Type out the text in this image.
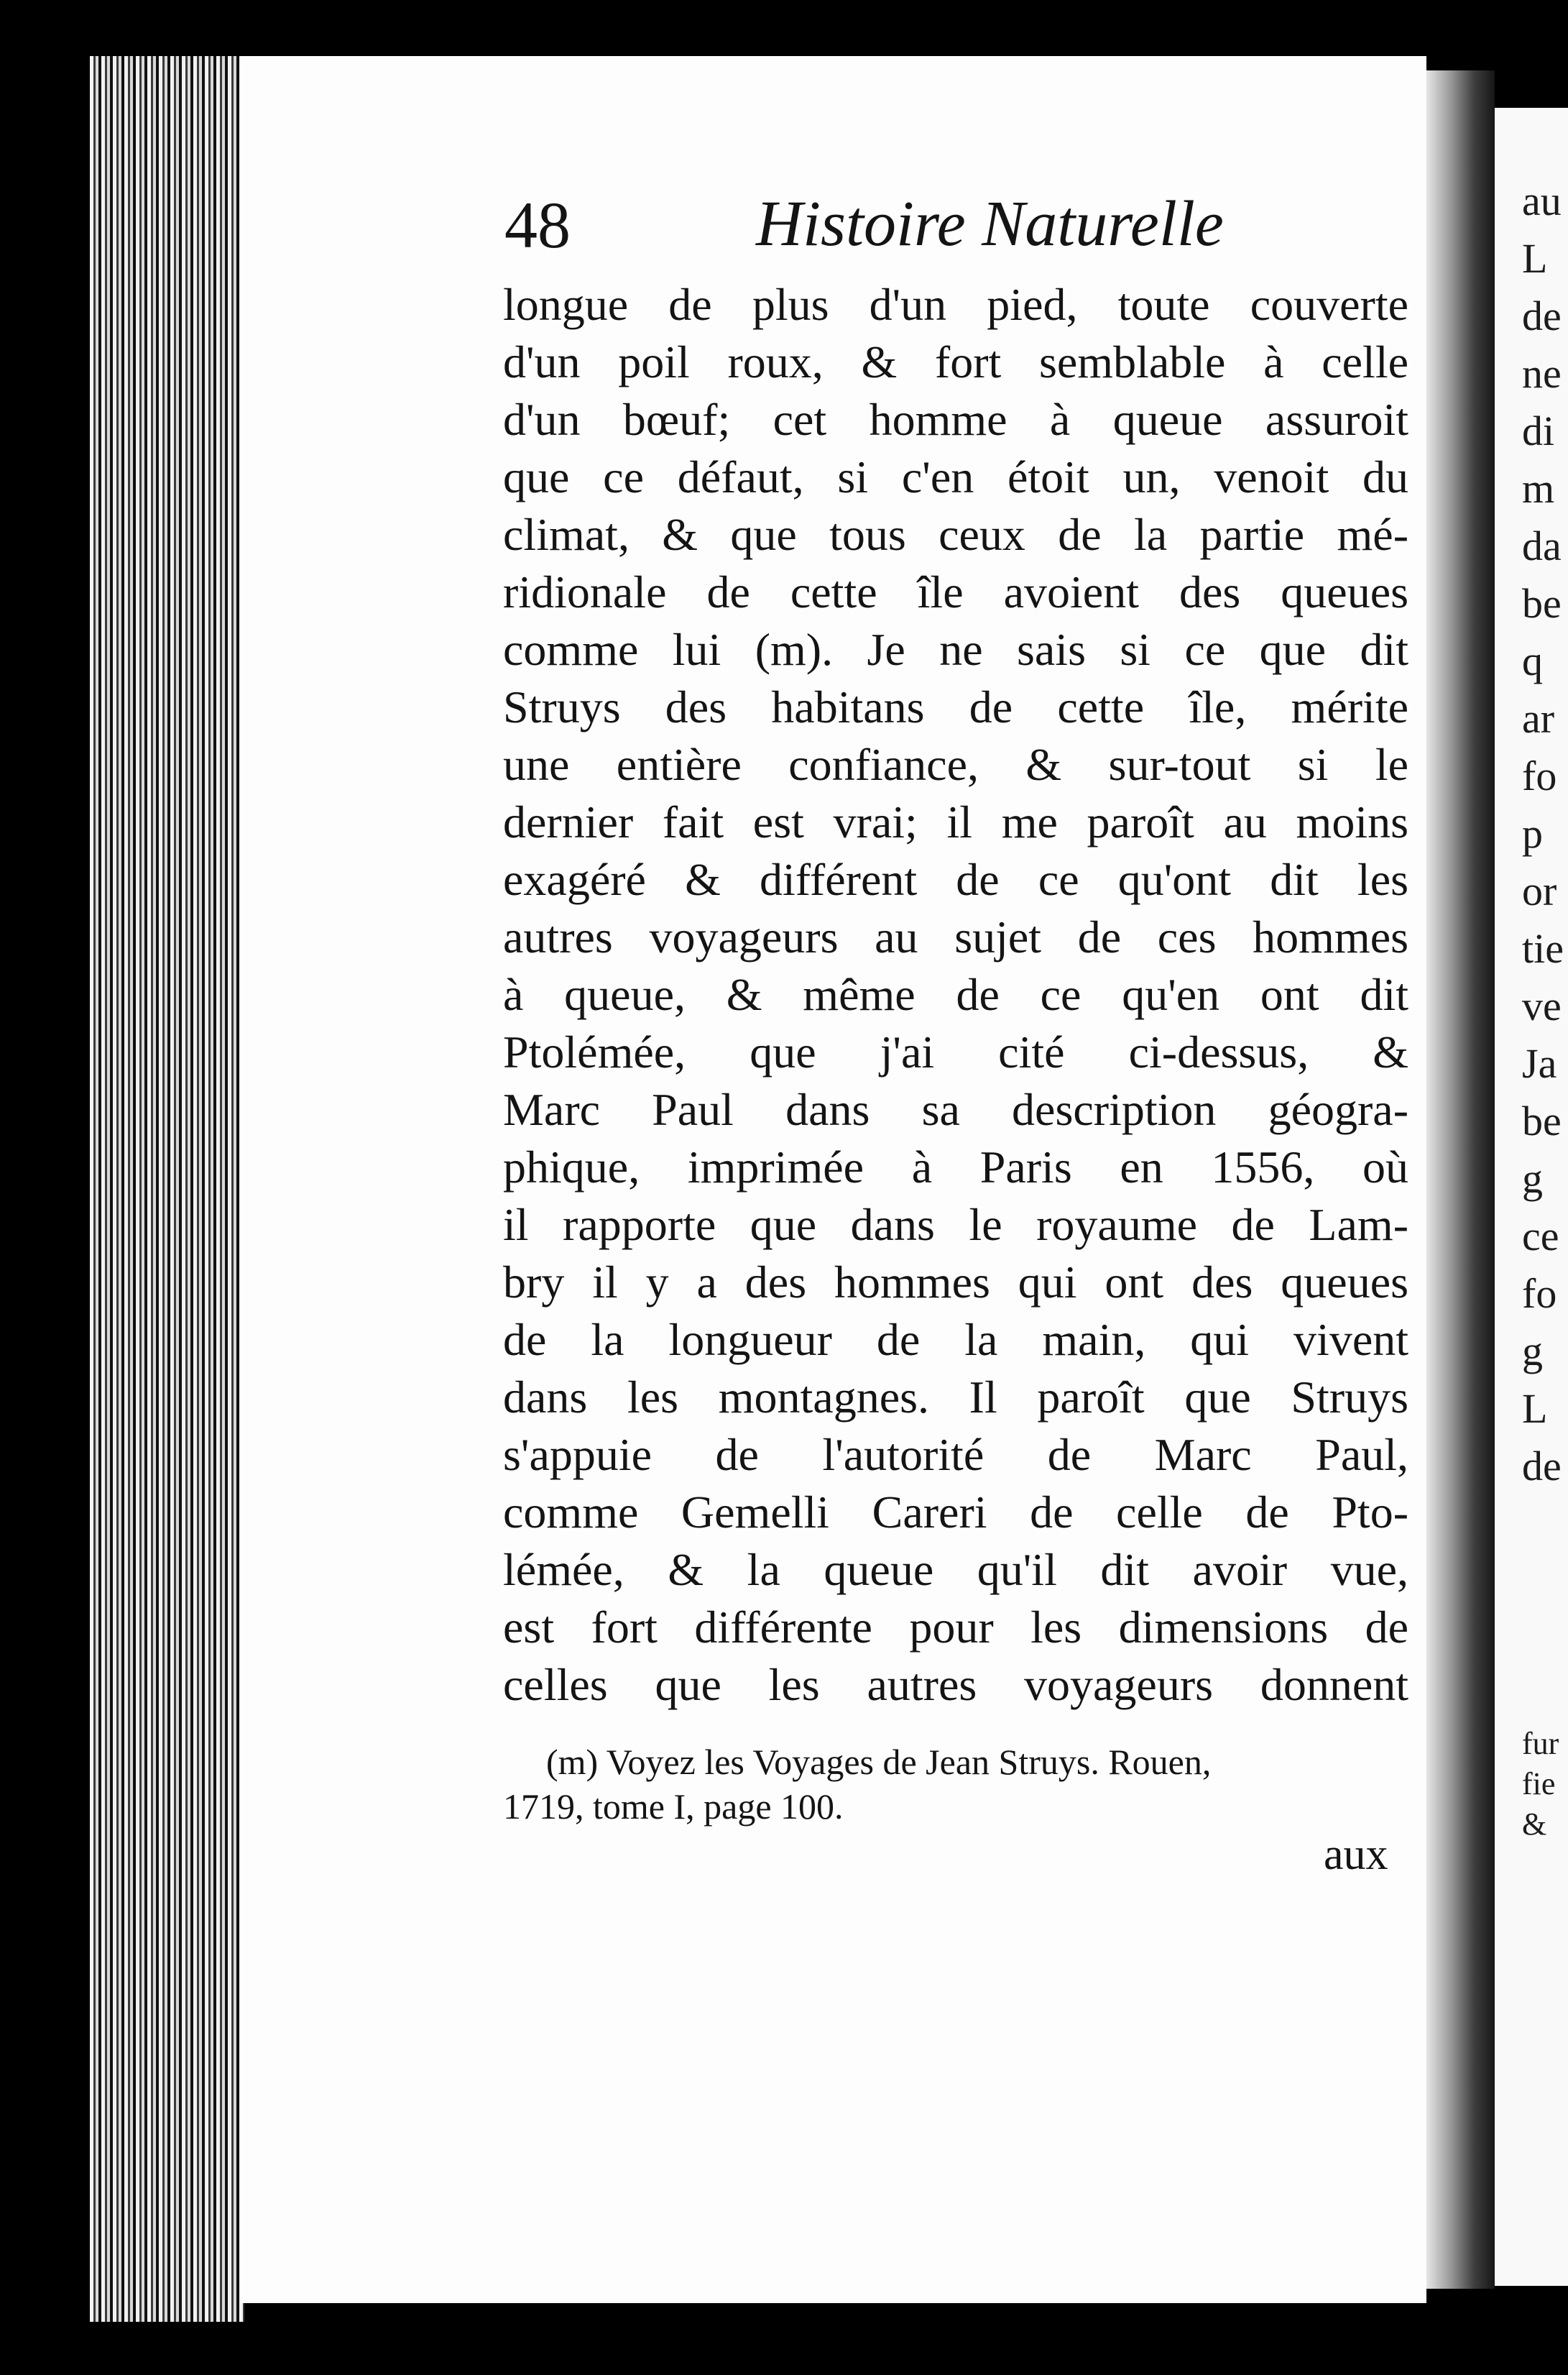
au
L
de
ne
di
m
da
be
q
ar
fo
p
or
tie
ve
Ja
be
g
ce
fo
g
L
de
fur
fie
&
48	Histoire Naturelle
longue de plus d'un pied, toute couverte
d'un poil roux, & fort semblable à celle
d'un bœuf; cet homme à queue assuroit
que ce défaut, si c'en étoit un, venoit du
climat, & que tous ceux de la partie mé-
ridionale de cette île avoient des queues
comme lui (m). Je ne sais si ce que dit
Struys des habitans de cette île, mérite
une entière confiance, & sur-tout si le
dernier fait est vrai; il me paroît au moins
exagéré & différent de ce qu'ont dit les
autres voyageurs au sujet de ces hommes
à queue, & même de ce qu'en ont dit
Ptolémée, que j'ai cité ci-dessus, &
Marc Paul dans sa description géogra-
phique, imprimée à Paris en 1556, où
il rapporte que dans le royaume de Lam-
bry il y a des hommes qui ont des queues
de la longueur de la main, qui vivent
dans les montagnes. Il paroît que Struys
s'appuie de l'autorité de Marc Paul,
comme Gemelli Careri de celle de Pto-
lémée, & la queue qu'il dit avoir vue,
est fort différente pour les dimensions de
celles que les autres voyageurs donnent
(m) Voyez les Voyages de Jean Struys. Rouen,
1719, tome I, page 100.
aux
